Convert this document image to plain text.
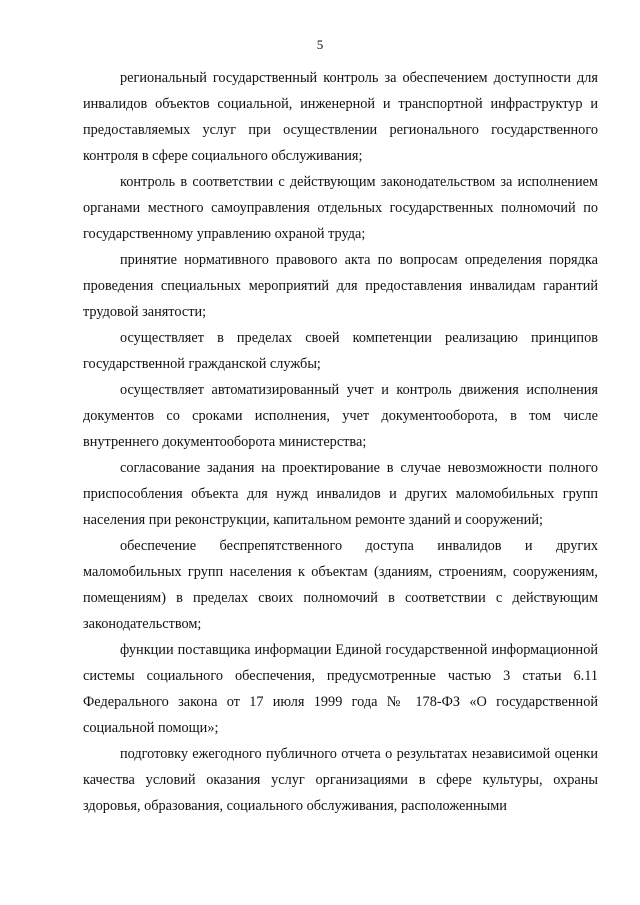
5

региональный государственный контроль за обеспечением доступности для инвалидов объектов социальной, инженерной и транспортной инфраструктур и предоставляемых услуг при осуществлении регионального государственного контроля в сфере социального обслуживания;

контроль в соответствии с действующим законодательством за исполнением органами местного самоуправления отдельных государственных полномочий по государственному управлению охраной труда;

принятие нормативного правового акта по вопросам определения порядка проведения специальных мероприятий для предоставления инвалидам гарантий трудовой занятости;

осуществляет в пределах своей компетенции реализацию принципов государственной гражданской службы;

осуществляет автоматизированный учет и контроль движения исполнения документов со сроками исполнения, учет документооборота, в том числе внутреннего документооборота министерства;

согласование задания на проектирование в случае невозможности полного приспособления объекта для нужд инвалидов и других маломобильных групп населения при реконструкции, капитальном ремонте зданий и сооружений;

обеспечение беспрепятственного доступа инвалидов и других маломобильных групп населения к объектам (зданиям, строениям, сооружениям, помещениям) в пределах своих полномочий в соответствии с действующим законодательством;

функции поставщика информации Единой государственной информационной системы социального обеспечения, предусмотренные частью 3 статьи 6.11 Федерального закона от 17 июля 1999 года № 178-ФЗ «О государственной социальной помощи»;

подготовку ежегодного публичного отчета о результатах независимой оценки качества условий оказания услуг организациями в сфере культуры, охраны здоровья, образования, социального обслуживания, расположенными
